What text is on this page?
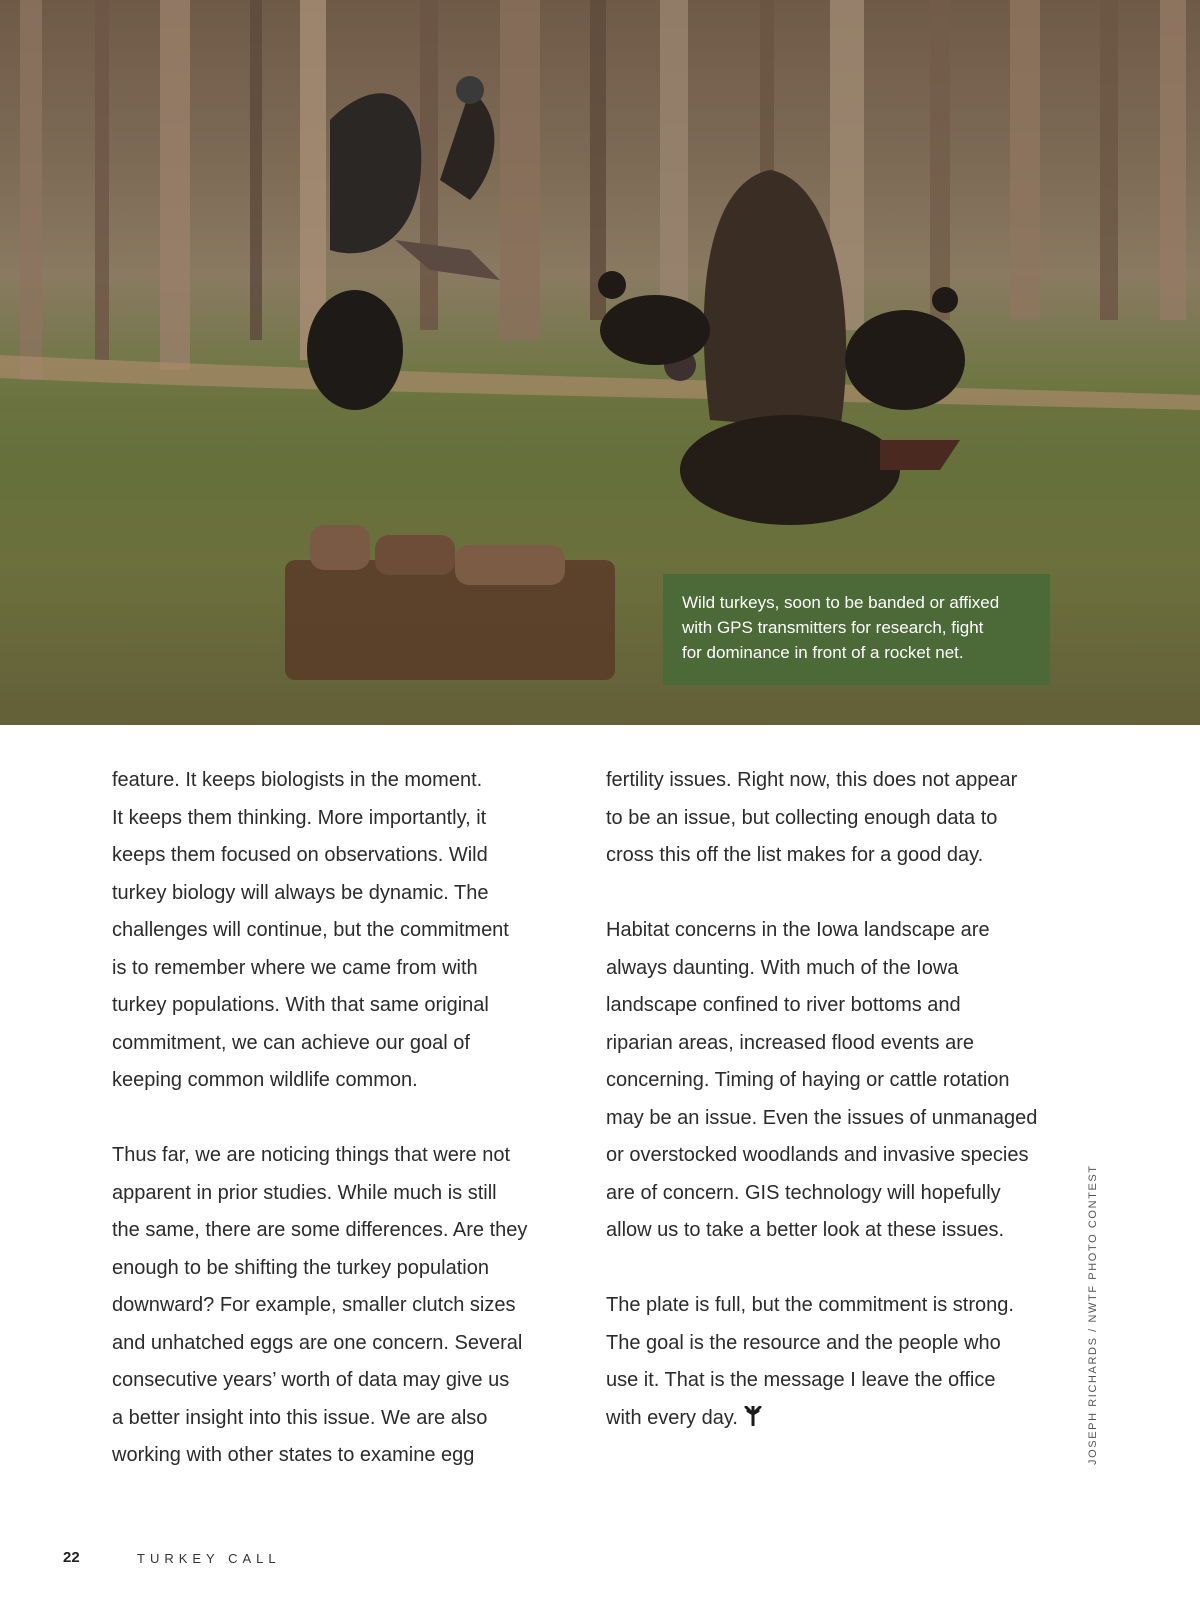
Wild turkeys, soon to be banded or affixed
with GPS transmitters for research, fight
for dominance in front of a rocket net.

feature. It keeps biologists in the moment.
It keeps them thinking. More importantly, it
keeps them focused on observations. Wild
turkey biology will always be dynamic. The
challenges will continue, but the commitment
is to remember where we came from with
turkey populations. With that same original
commitment, we can achieve our goal of
keeping common wildlife common.

Thus far, we are noticing things that were not
apparent in prior studies. While much is still
the same, there are some differences. Are they
enough to be shifting the turkey population
downward? For example, smaller clutch sizes
and unhatched eggs are one concern. Several
consecutive years’ worth of data may give us
a better insight into this issue. We are also
working with other states to examine egg

fertility issues. Right now, this does not appear
to be an issue, but collecting enough data to
cross this off the list makes for a good day.

Habitat concerns in the Iowa landscape are
always daunting. With much of the Iowa
landscape confined to river bottoms and
riparian areas, increased flood events are
concerning. Timing of haying or cattle rotation
may be an issue. Even the issues of unmanaged
or overstocked woodlands and invasive species
are of concern. GIS technology will hopefully
allow us to take a better look at these issues.

The plate is full, but the commitment is strong.
The goal is the resource and the people who
use it. That is the message I leave the office
with every day.	JOSEPH RICHARDS / NWTF PHOTO CONTEST
22	TURKEY CALL
